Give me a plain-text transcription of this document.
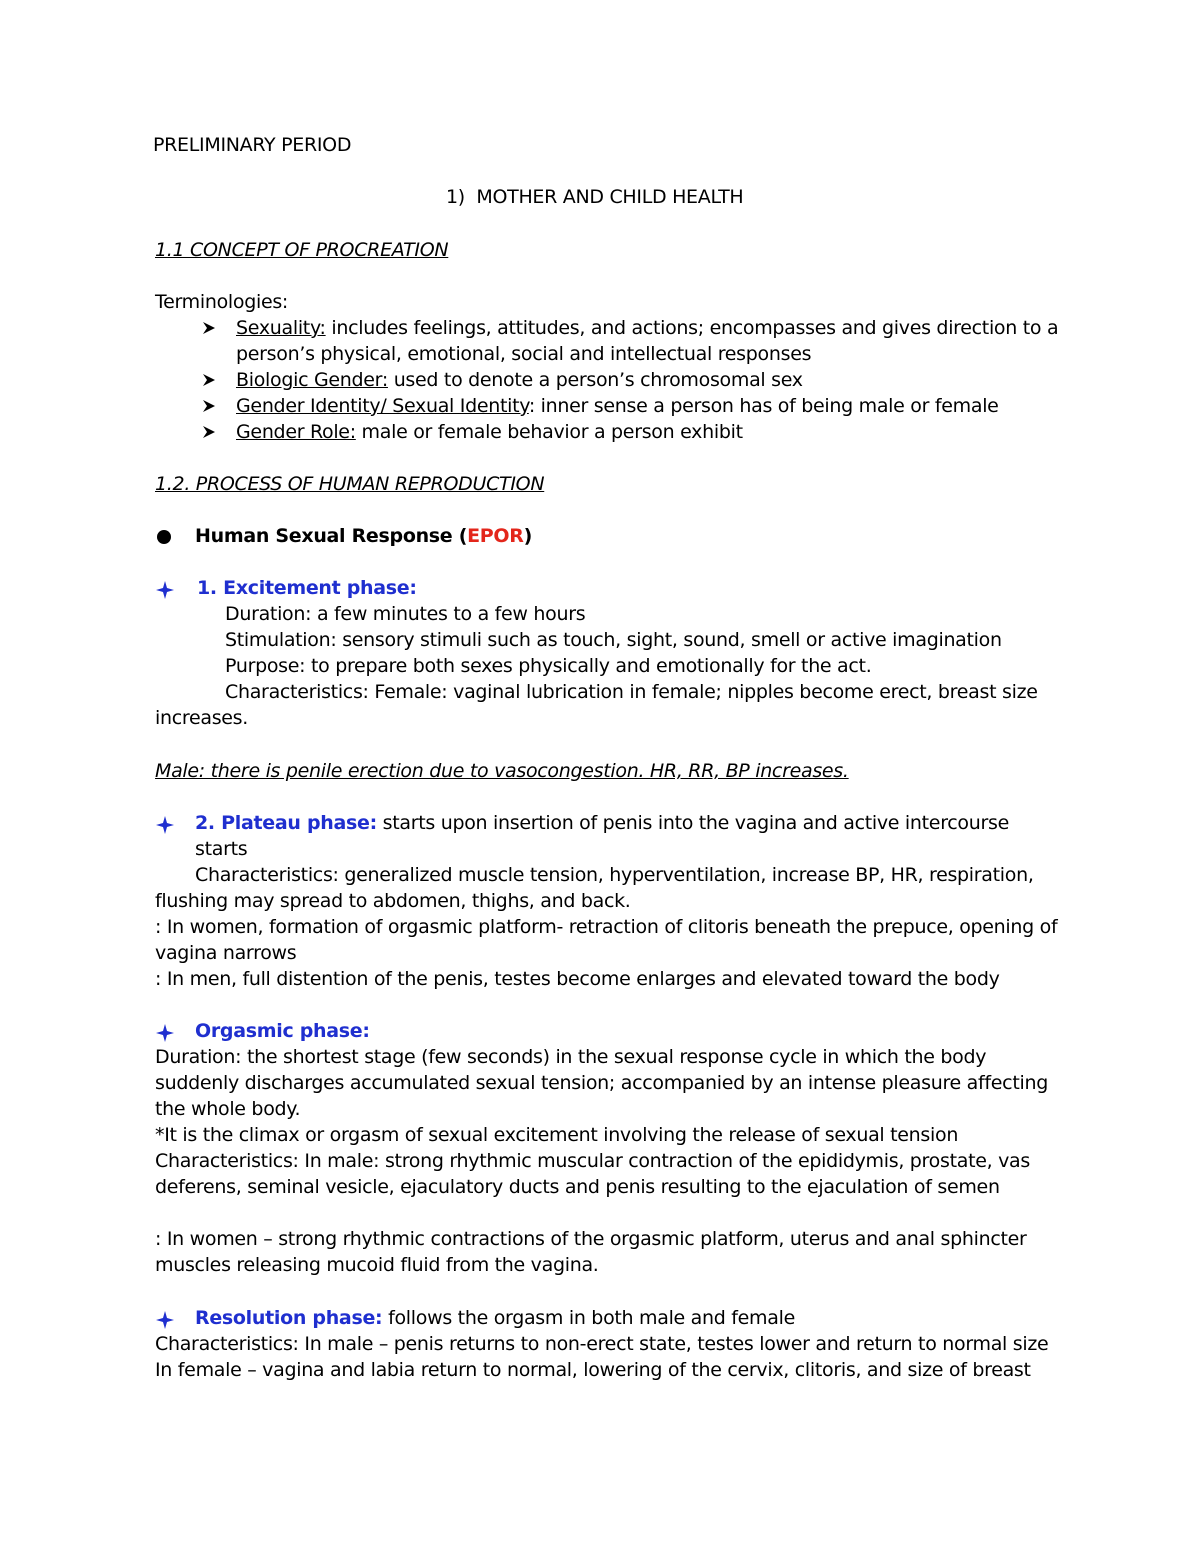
PRELIMINARY PERIOD
1) MOTHER AND CHILD HEALTH
1.1 CONCEPT OF PROCREATION
Terminologies:
Sexuality: includes feelings, attitudes, and actions; encompasses and gives direction to a
person’s physical, emotional, social and intellectual responses
Biologic Gender: used to denote a person’s chromosomal sex
Gender Identity/ Sexual Identity: inner sense a person has of being male or female
Gender Role: male or female behavior a person exhibit
1.2. PROCESS OF HUMAN REPRODUCTION
Human Sexual Response (EPOR)
1. Excitement phase:
Duration: a few minutes to a few hours
Stimulation: sensory stimuli such as touch, sight, sound, smell or active imagination
Purpose: to prepare both sexes physically and emotionally for the act.
Characteristics: Female: vaginal lubrication in female; nipples become erect, breast size
increases.
Male: there is penile erection due to vasocongestion. HR, RR, BP increases.
2. Plateau phase: starts upon insertion of penis into the vagina and active intercourse
starts
Characteristics: generalized muscle tension, hyperventilation, increase BP, HR, respiration,
flushing may spread to abdomen, thighs, and back.
: In women, formation of orgasmic platform- retraction of clitoris beneath the prepuce, opening of
vagina narrows
: In men, full distention of the penis, testes become enlarges and elevated toward the body
Orgasmic phase:
Duration: the shortest stage (few seconds) in the sexual response cycle in which the body
suddenly discharges accumulated sexual tension; accompanied by an intense pleasure affecting
the whole body.
*It is the climax or orgasm of sexual excitement involving the release of sexual tension
Characteristics: In male: strong rhythmic muscular contraction of the epididymis, prostate, vas
deferens, seminal vesicle, ejaculatory ducts and penis resulting to the ejaculation of semen
: In women – strong rhythmic contractions of the orgasmic platform, uterus and anal sphincter
muscles releasing mucoid fluid from the vagina.
Resolution phase: follows the orgasm in both male and female
Characteristics: In male – penis returns to non-erect state, testes lower and return to normal size
In female – vagina and labia return to normal, lowering of the cervix, clitoris, and size of breast
